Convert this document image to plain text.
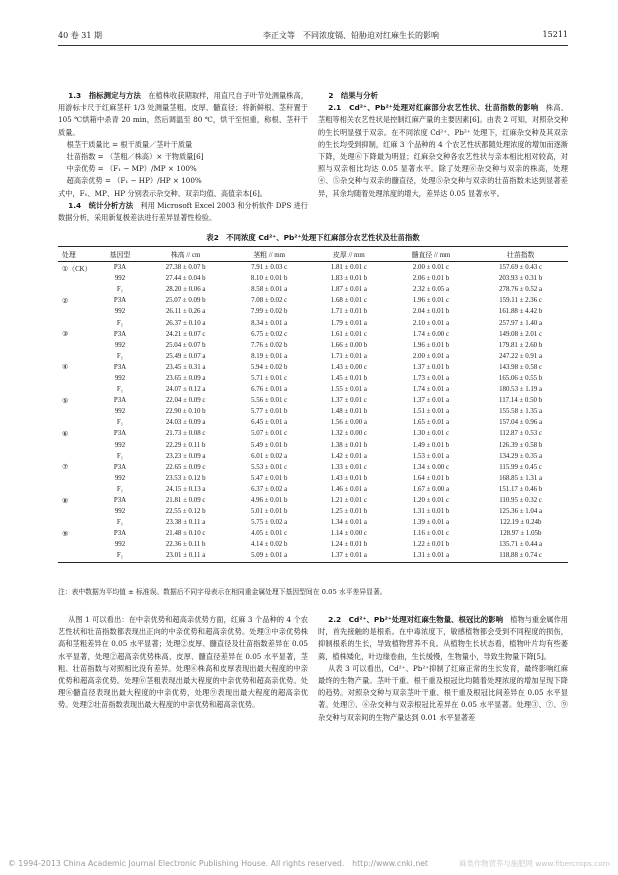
40 卷 31 期	李正文等　不同浓度镉、铅胁迫对红麻生长的影响	15211

1.3　指标测定与方法　 在植株收获期取样，用直尺自子叶节处测量株高，用游标卡尺于红麻茎秆 1/3 处测量茎粗、皮厚、髓直径；将新鲜根、茎秆置于 105 ℃烘箱中杀青 20 min，然后调温至 80 ℃，烘干至恒重，称根、茎秆干质量。

根茎干质量比 = 根干质量／茎叶干质量

壮苗指数 = （茎粗／株高）× 干物质量[6]

中亲优势 = （F₁ − MP）/MP × 100%

超高亲优势 = （F₁ − HP）/HP × 100%

式中，F₁、MP、HP 分别表示杂交种、双亲均值、高值亲本[6]。

1.4　统计分析方法　 利用 Microsoft Excel 2003 和分析软件 DPS 进行数据分析，采用新复极差法进行差异显著性检验。

2　结果与分析

2.1　Cd²⁺、Pb²⁺处理对红麻部分农艺性状、壮苗指数的影响　 株高、茎粗等相关农艺性状是控制红麻产量的主要因素[6]。由表 2 可知，对照杂交种的生长明显强于双亲。在不同浓度 Cd²⁺、Pb²⁺ 处理下，红麻杂交种及其双亲的生长均受到抑制，红麻 3 个品种的 4 个农艺性状都随处理浓度的增加而逐渐下降，处理⑥下降最为明显；红麻杂交种各农艺性状与亲本相比相对较高，对照与双亲相比均达 0.05 显著水平。除了处理⑥杂交种与双亲的株高，处理④、⑤杂交种与双亲的髓直径，处理⑤杂交种与双亲的壮苗指数未达到显著差异，其余均随着处理浓度的增大，差异达 0.05 显著水平。

表2　不同浓度 Cd²⁺、Pb²⁺处理下红麻部分农艺性状及壮苗指数
处理	基因型	株高 // cm	茎粗 // mm	皮厚 // mm	髓直径 // mm	壮苗指数
①（CK）	P3A	27.38 ± 0.07 b	7.91 ± 0.03 c	1.81 ± 0.01 c	2.00 ± 0.01 c	157.69 ± 0.43 c
	992	27.44 ± 0.04 b	8.10 ± 0.01 b	1.83 ± 0.01 b	2.06 ± 0.01 b	203.93 ± 0.31 b
	F₁	28.20 ± 0.06 a	8.58 ± 0.01 a	1.87 ± 0.01 a	2.32 ± 0.05 a	278.76 ± 0.52 a
②	P3A	25.07 ± 0.09 b	7.08 ± 0.02 c	1.68 ± 0.01 c	1.96 ± 0.01 c	159.11 ± 2.36 c
	992	26.11 ± 0.26 a	7.99 ± 0.02 b	1.71 ± 0.01 b	2.04 ± 0.01 b	161.88 ± 4.42 b
	F₁	26.37 ± 0.10 a	8.34 ± 0.01 a	1.79 ± 0.01 a	2.10 ± 0.01 a	257.97 ± 1.40 a
③	P3A	24.21 ± 0.07 c	6.75 ± 0.02 c	1.61 ± 0.01 c	1.74 ± 0.00 c	149.08 ± 2.01 c
	992	25.04 ± 0.07 b	7.76 ± 0.02 b	1.66 ± 0.00 b	1.96 ± 0.01 b	179.81 ± 2.60 b
	F₁	25.49 ± 0.07 a	8.19 ± 0.01 a	1.71 ± 0.01 a	2.00 ± 0.01 a	247.22 ± 0.91 a
④	P3A	23.45 ± 0.31 a	5.94 ± 0.02 b	1.43 ± 0.00 c	1.37 ± 0.01 b	143.98 ± 0.58 c
	992	23.65 ± 0.09 a	5.71 ± 0.01 c	1.45 ± 0.01 b	1.73 ± 0.01 a	165.06 ± 0.55 b
	F₁	24.07 ± 0.12 a	6.76 ± 0.01 a	1.55 ± 0.01 a	1.74 ± 0.01 a	180.53 ± 1.19 a
⑤	P3A	22.04 ± 0.09 c	5.56 ± 0.01 c	1.37 ± 0.01 c	1.37 ± 0.01 a	117.14 ± 0.50 b
	992	22.90 ± 0.10 b	5.77 ± 0.01 b	1.48 ± 0.01 b	1.51 ± 0.01 a	155.58 ± 1.35 a
	F₁	24.03 ± 0.09 a	6.45 ± 0.01 a	1.56 ± 0.00 a	1.65 ± 0.01 a	157.04 ± 0.96 a
⑥	P3A	21.73 ± 0.08 c	5.07 ± 0.01 c	1.32 ± 0.00 c	1.30 ± 0.01 c	112.87 ± 0.53 c
	992	22.29 ± 0.11 b	5.49 ± 0.01 b	1.38 ± 0.01 b	1.49 ± 0.01 b	126.39 ± 0.58 b
	F₁	23.23 ± 0.09 a	6.01 ± 0.02 a	1.42 ± 0.01 a	1.53 ± 0.01 a	134.29 ± 0.35 a
⑦	P3A	22.65 ± 0.09 c	5.53 ± 0.01 c	1.33 ± 0.01 c	1.34 ± 0.00 c	115.99 ± 0.45 c
	992	23.53 ± 0.12 b	5.47 ± 0.01 b	1.43 ± 0.01 b	1.64 ± 0.01 b	168.85 ± 1.31 a
	F₁	24.15 ± 0.13 a	6.37 ± 0.02 a	1.46 ± 0.01 a	1.67 ± 0.00 a	151.17 ± 0.46 b
⑧	P3A	21.81 ± 0.09 c	4.96 ± 0.01 b	1.21 ± 0.01 c	1.20 ± 0.01 c	110.95 ± 0.32 c
	992	22.55 ± 0.12 b	5.01 ± 0.01 b	1.25 ± 0.01 b	1.31 ± 0.01 b	125.36 ± 1.04 a
	F₁	23.38 ± 0.11 a	5.75 ± 0.02 a	1.34 ± 0.01 a	1.39 ± 0.01 a	122.19 ± 0.24b
⑨	P3A	21.48 ± 0.10 c	4.05 ± 0.01 c	1.14 ± 0.00 c	1.16 ± 0.01 c	128.97 ± 1.05b
	992	22.36 ± 0.11 b	4.14 ± 0.02 b	1.24 ± 0.01 b	1.22 ± 0.01 b	135.71 ± 0.44 a
	F₁	23.01 ± 0.11 a	5.09 ± 0.01 a	1.37 ± 0.01 a	1.31 ± 0.01 a	118.88 ± 0.74 c
注：表中数据为平均值 ± 标准误。数据后不同字母表示在相同重金属处理下基因型间在 0.05 水平差异显著。

从图 1 可以看出：在中亲优势和超高亲优势方面，红麻 3 个品种的 4 个农艺性状和壮苗指数都表现出正向的中亲优势和超高亲优势。处理③中亲优势株高和茎粗差异在 0.05 水平显著；处理②皮厚、髓直径及壮苗指数差异在 0.05 水平显著，处理②超高亲优势株高、皮厚、髓直径差异在 0.05 水平显著，茎粗、壮苗指数与对照相比没有差异。处理⑥株高和皮厚表现出最大程度的中亲优势和超高亲优势。处理⑥茎粗表现出最大程度的中亲优势和超高亲优势。处理⑥髓直径表现出最大程度的中亲优势，处理⑨表现出最大程度的超高亲优势。处理②壮苗指数表现出最大程度的中亲优势和超高亲优势。

2.2　Cd²⁺、Pb²⁺处理对红麻生物量、根冠比的影响　 植物与重金属作用时，首先接触的是根系。在中毒浓度下，敏感植物都会受到不同程度的损伤，抑制根系的生长，导致植物营养不良。从植物生长状态看，植物叶片均有些萎蔫，植株矮化，叶边缘卷曲，生长缓慢，生物量小，导致生物量下降[5]。

从表 3 可以看出，Cd²⁺、Pb²⁺抑制了红麻正常的生长发育，最终影响红麻最终的生物产量。茎叶干重、根干重及根冠比均随着处理浓度的增加呈现下降的趋势。对照杂交种与双亲茎叶干重、根干重及根冠比间差异在 0.05 水平显著。处理⑦、⑥杂交种与双亲根冠比差异在 0.05 水平显著。处理③、⑦、⑨杂交种与双亲间的生物产量达到 0.01 水平显著差

© 1994-2013 China Academic Journal Electronic Publishing House. All rights reserved.　 http://www.cnki.net	麻类作物营养与施肥网 www.fibercrops.com
